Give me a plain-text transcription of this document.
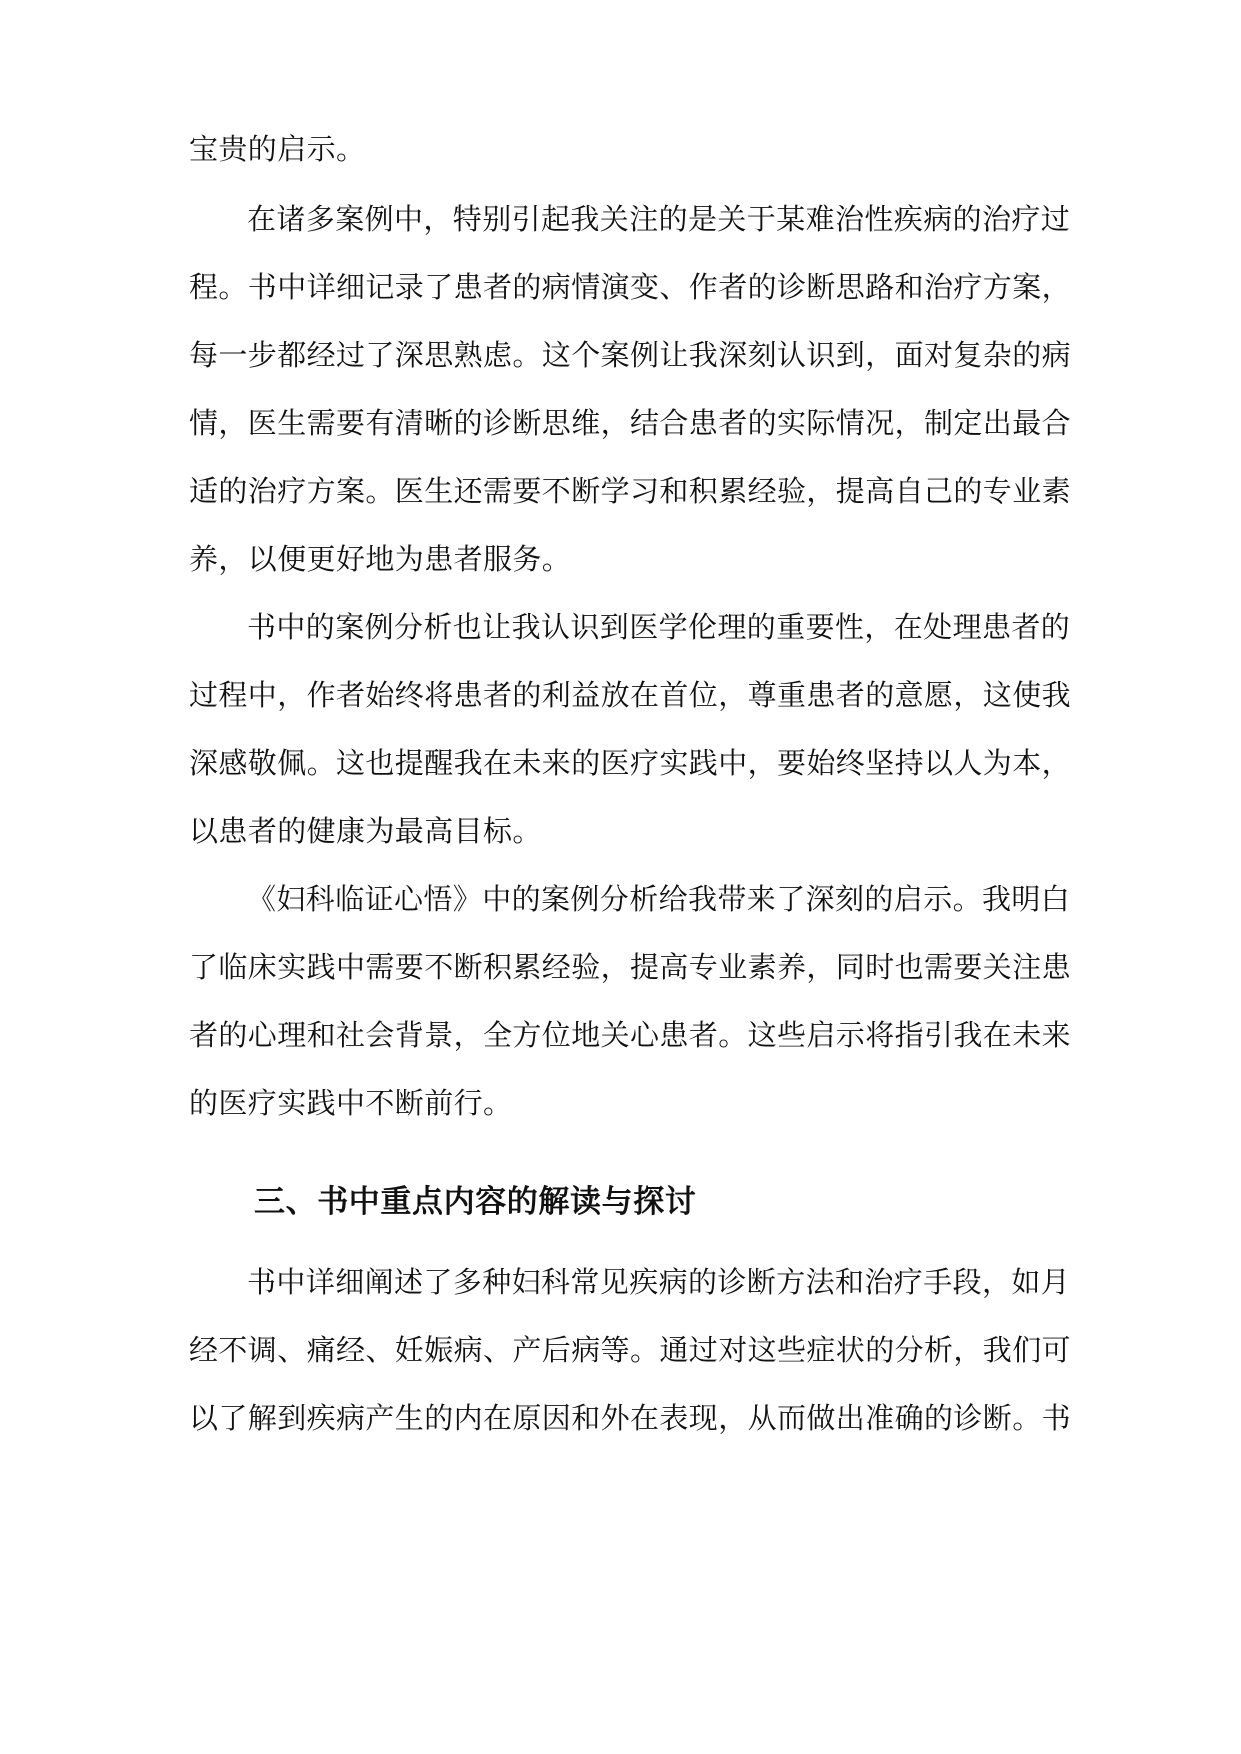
宝贵的启示。
在诸多案例中，特别引起我关注的是关于某难治性疾病的治疗过
程。书中详细记录了患者的病情演变、作者的诊断思路和治疗方案，
每一步都经过了深思熟虑。这个案例让我深刻认识到，面对复杂的病
情，医生需要有清晰的诊断思维，结合患者的实际情况，制定出最合
适的治疗方案。医生还需要不断学习和积累经验，提高自己的专业素
养，以便更好地为患者服务。
书中的案例分析也让我认识到医学伦理的重要性，在处理患者的
过程中，作者始终将患者的利益放在首位，尊重患者的意愿，这使我
深感敬佩。这也提醒我在未来的医疗实践中，要始终坚持以人为本，
以患者的健康为最高目标。
《妇科临证心悟》中的案例分析给我带来了深刻的启示。我明白
了临床实践中需要不断积累经验，提高专业素养，同时也需要关注患
者的心理和社会背景，全方位地关心患者。这些启示将指引我在未来
的医疗实践中不断前行。
三、书中重点内容的解读与探讨
书中详细阐述了多种妇科常见疾病的诊断方法和治疗手段，如月
经不调、痛经、妊娠病、产后病等。通过对这些症状的分析，我们可
以了解到疾病产生的内在原因和外在表现，从而做出准确的诊断。书
